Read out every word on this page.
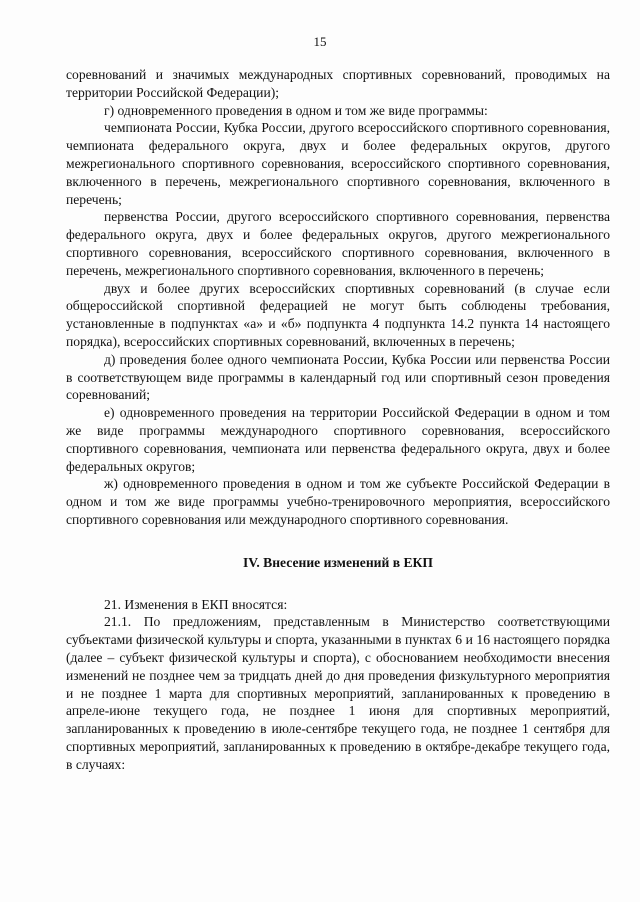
15

соревнований и значимых международных спортивных соревнований, проводимых на территории Российской Федерации);

г) одновременного проведения в одном и том же виде программы:

чемпионата России, Кубка России, другого всероссийского спортивного соревнования, чемпионата федерального округа, двух и более федеральных округов, другого межрегионального спортивного соревнования, всероссийского спортивного соревнования, включенного в перечень, межрегионального спортивного соревнования, включенного в перечень;

первенства России, другого всероссийского спортивного соревнования, первенства федерального округа, двух и более федеральных округов, другого межрегионального спортивного соревнования, всероссийского спортивного соревнования, включенного в перечень, межрегионального спортивного соревнования, включенного в перечень;

двух и более других всероссийских спортивных соревнований (в случае если общероссийской спортивной федерацией не могут быть соблюдены требования, установленные в подпунктах «а» и «б» подпункта 4 подпункта 14.2 пункта 14 настоящего порядка), всероссийских спортивных соревнований, включенных в перечень;

д) проведения более одного чемпионата России, Кубка России или первенства России в соответствующем виде программы в календарный год или спортивный сезон проведения соревнований;

е) одновременного проведения на территории Российской Федерации в одном и том же виде программы международного спортивного соревнования, всероссийского спортивного соревнования, чемпионата или первенства федерального округа, двух и более федеральных округов;

ж) одновременного проведения в одном и том же субъекте Российской Федерации в одном и том же виде программы учебно-тренировочного мероприятия, всероссийского спортивного соревнования или международного спортивного соревнования.

IV. Внесение изменений в ЕКП

21. Изменения в ЕКП вносятся:

21.1. По предложениям, представленным в Министерство соответствующими субъектами физической культуры и спорта, указанными в пунктах 6 и 16 настоящего порядка (далее – субъект физической культуры и спорта), с обоснованием необходимости внесения изменений не позднее чем за тридцать дней до дня проведения физкультурного мероприятия и не позднее 1 марта для спортивных мероприятий, запланированных к проведению в апреле-июне текущего года, не позднее 1 июня для спортивных мероприятий, запланированных к проведению в июле-сентябре текущего года, не позднее 1 сентября для спортивных мероприятий, запланированных к проведению в октябре-декабре текущего года, в случаях:
